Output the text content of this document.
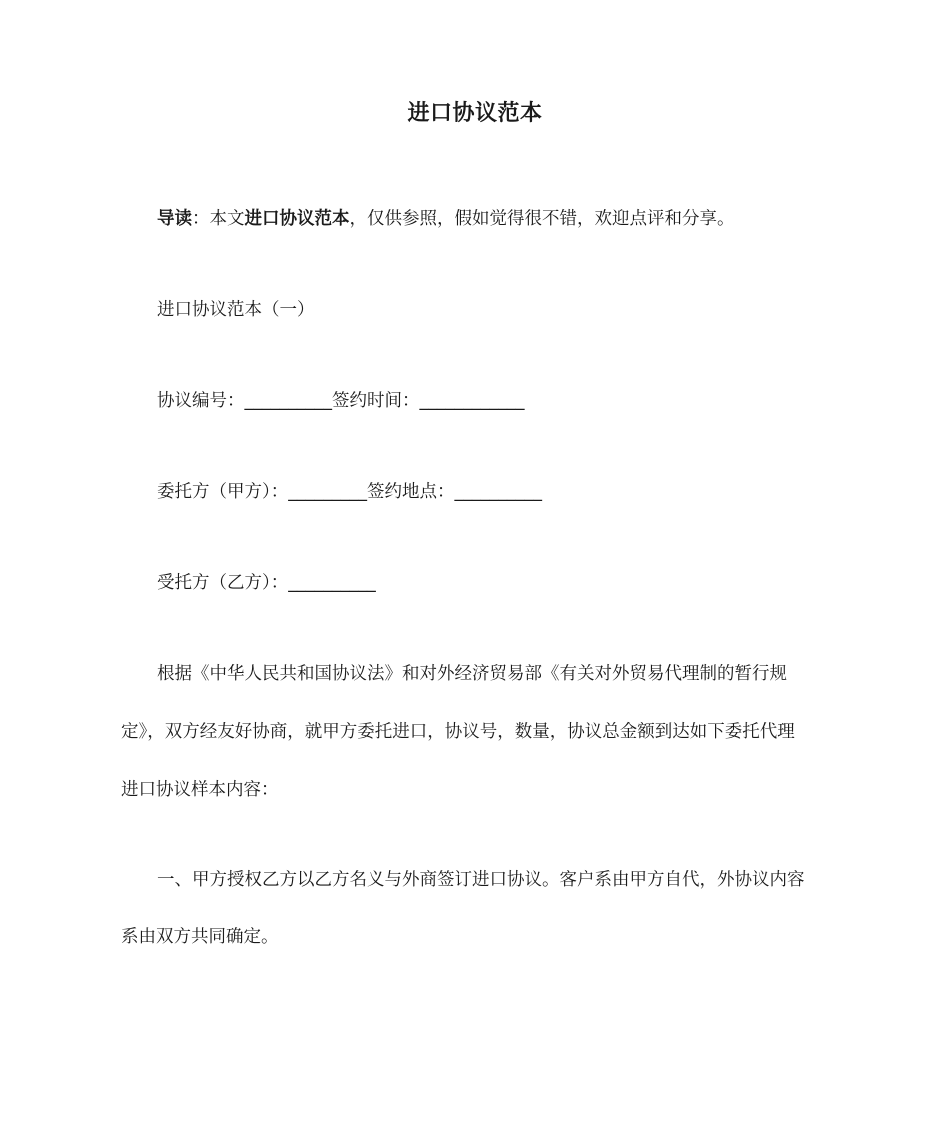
进口协议范本
导读：本文进口协议范本，仅供参照，假如觉得很不错，欢迎点评和分享。
进口协议范本（一）
协议编号：__________签约时间：____________
委托方（甲方）：_________签约地点：__________
受托方（乙方）：__________
根据《中华人民共和国协议法》和对外经济贸易部《有关对外贸易代理制的暂行规
定》，双方经友好协商，就甲方委托进口，协议号，数量，协议总金额到达如下委托代理
进口协议样本内容：
一、甲方授权乙方以乙方名义与外商签订进口协议。客户系由甲方自代，外协议内容
系由双方共同确定。
